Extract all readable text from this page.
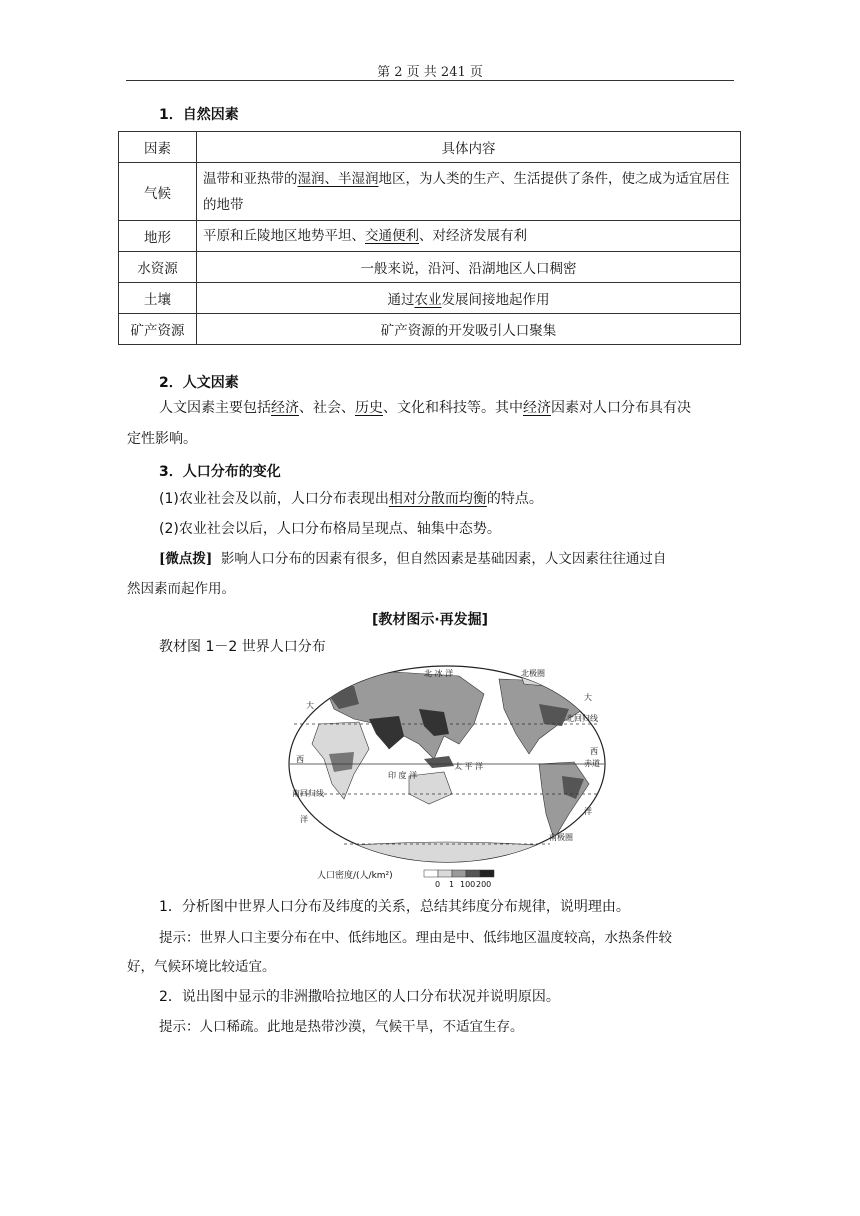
第 2 页 共 241 页
1．自然因素
因素	具体内容
气候	温带和亚热带的湿润、半湿润地区，为人类的生产、生活提供了条件，使之成为适宜居住的地带
地形	平原和丘陵地区地势平坦、交通便利、对经济发展有利
水资源	一般来说，沿河、沿湖地区人口稠密
土壤	通过农业发展间接地起作用
矿产资源	矿产资源的开发吸引人口聚集
2．人文因素
人文因素主要包括经济、社会、历史、文化和科技等。其中经济因素对人口分布具有决
定性影响。
3．人口分布的变化
(1)农业社会及以前，人口分布表现出相对分散而均衡的特点。
(2)农业社会以后，人口分布格局呈现点、轴集中态势。
[微点拨] 影响人口分布的因素有很多，但自然因素是基础因素，人文因素往往通过自
然因素而起作用。
[教材图示·再发掘]
教材图 1－2 世界人口分布
北 冰 洋	北极圈
北回归线
赤道
南回归线
南极圈
印 度 洋
太 平 洋
大
西
洋
大
西
洋
人口密度/(人/km²)
0 1 100 200
1．分析图中世界人口分布及纬度的关系，总结其纬度分布规律，说明理由。
提示：世界人口主要分布在中、低纬地区。理由是中、低纬地区温度较高，水热条件较
好，气候环境比较适宜。
2．说出图中显示的非洲撒哈拉地区的人口分布状况并说明原因。
提示：人口稀疏。此地是热带沙漠，气候干旱，不适宜生存。
